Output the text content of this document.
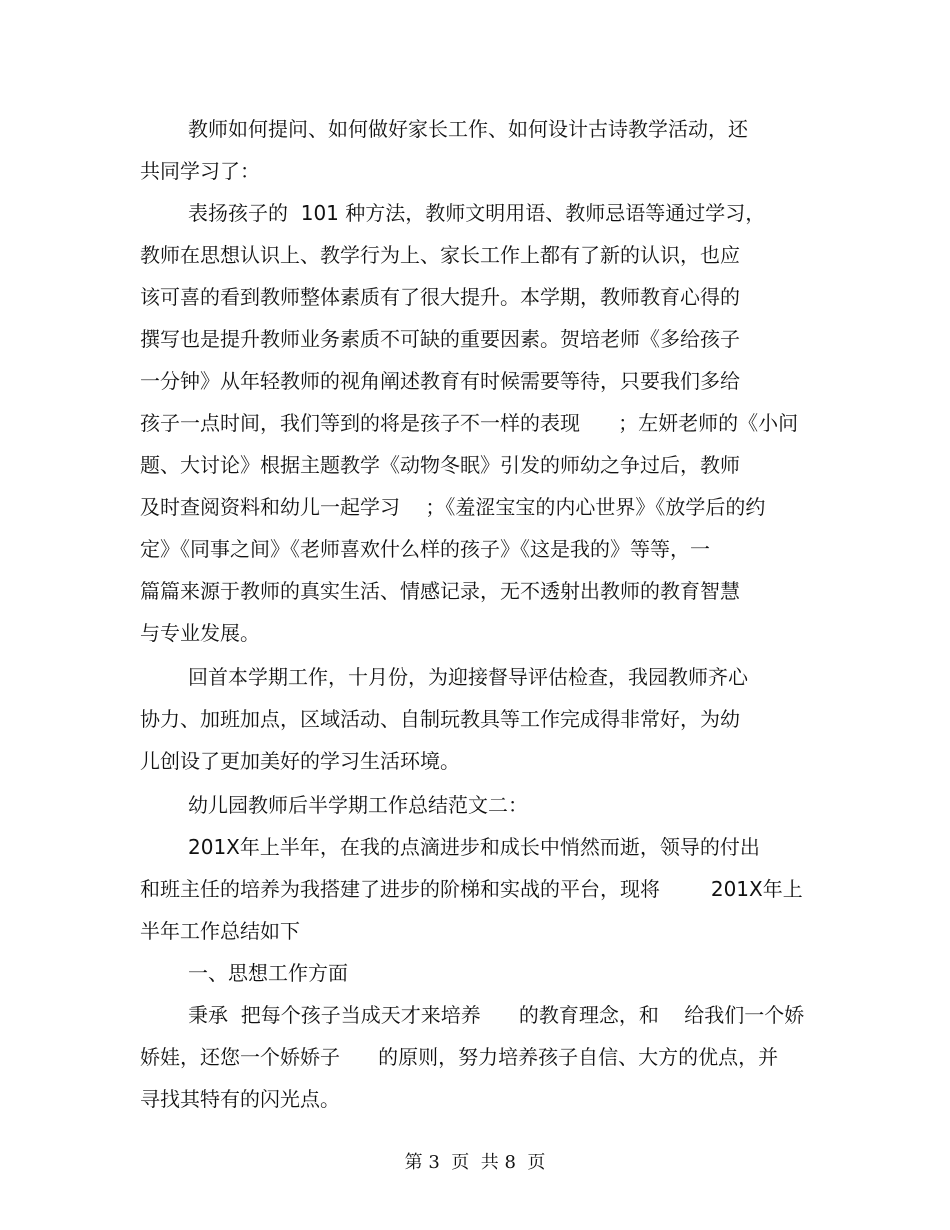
教师如何提问、如何做好家长工作、如何设计古诗教学活动，还
共同学习了：
表扬孩子的  101 种方法，教师文明用语、教师忌语等通过学习，
教师在思想认识上、教学行为上、家长工作上都有了新的认识，也应
该可喜的看到教师整体素质有了很大提升。本学期，教师教育心得的
撰写也是提升教师业务素质不可缺的重要因素。贺培老师《多给孩子
一分钟》从年轻教师的视角阐述教育有时候需要等待，只要我们多给
孩子一点时间，我们等到的将是孩子不一样的表现      ；左妍老师的《小问
题、大讨论》根据主题教学《动物冬眠》引发的师幼之争过后，教师
及时查阅资料和幼儿一起学习    ；《羞涩宝宝的内心世界》《放学后的约
定》《同事之间》《老师喜欢什么样的孩子》《这是我的》等等，一
篇篇来源于教师的真实生活、情感记录，无不透射出教师的教育智慧
与专业发展。
回首本学期工作，十月份，为迎接督导评估检查，我园教师齐心
协力、加班加点，区域活动、自制玩教具等工作完成得非常好，为幼
儿创设了更加美好的学习生活环境。
幼儿园教师后半学期工作总结范文二：
201X年上半年，在我的点滴进步和成长中悄然而逝，领导的付出
和班主任的培养为我搭建了进步的阶梯和实战的平台，现将        201X年上
半年工作总结如下
一、思想工作方面
秉承  把每个孩子当成天才来培养      的教育理念，和    给我们一个娇
娇娃，还您一个娇娇子      的原则，努力培养孩子自信、大方的优点，并
寻找其特有的闪光点。
第 3  页  共 8  页
